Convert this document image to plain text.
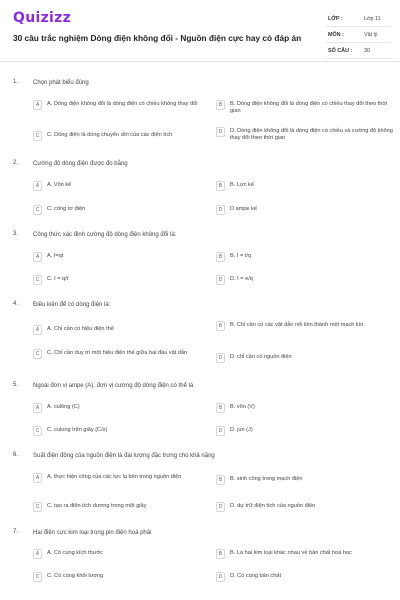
Quizizz
30 câu trắc nghiệm Dòng điện không đổi - Nguồn điện cực hay có đáp án
LỚP :	Lớp 11
MÔN :	Vật lý
SỐ CÂU : 30
1. Chọn phát biểu đúng
A	A. Dòng điện không đổi là dòng điện có chiều không thay đổi	B	B. Dòng điện không đổi là dòng điện có chiều thay đổi theo thời gian
C	C. Dòng điện là dòng chuyển dời của các điện tích	D	D. Dòng điện không đổi là dòng điện có chiều và cường độ không thay đổi theo thời gian
2. Cường độ dòng điện được đo bằng
A	A. Vôn kế	B	B. Lực kế
C	C. công tơ điện	D	D ampe kế
3. Công thức xác định cường độ dòng điện không đổi là:
A	A. I=qt	B	B. I = t/q
C	C. I = q/t	D	D. I = e/q
4. Điều kiện để có dòng điện là:
A	A. Chỉ cần có hiệu điện thế	B	B. Chỉ cần có các vật dẫn nối liền thành một mạch kín.
C	C. Chỉ cần duy trì một hiệu điện thế giữa hai đầu vật dẫn
D	D. chỉ cần có nguồn điện
5. Ngoài đơn vị ampe (A), đơn vị cường độ dòng điện có thể là
A	A. culông (C)	B	B. vôn (V)
C	C. culong trên giây (C/s)	D	D. jun (J)
6. Suất điện động của nguồn điện là đại lượng đặc trưng cho khả năng
A	A. thực hiện công của các lực lạ bên trong nguồn điện	B	B. sinh công trong mạch điện
C	C. tạo ra điện tích dương trong một giây	D	D. dự trữ điện tích của nguồn điện
7. Hai điện cực kim loại trong pin điện hoá phải
A	A. Có cùng kích thước	B	B. Là hai kim loại khác nhau về bản chất hoá học
C	C. Có cùng khối lượng	D	D. Có cùng bản chất
